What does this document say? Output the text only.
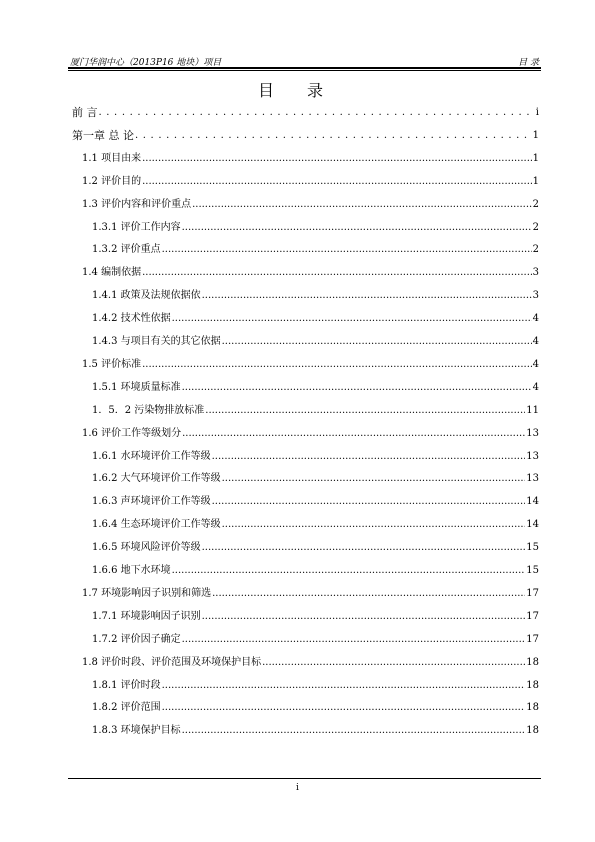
厦门华润中心（2013P16 地块）项目	目 录
目 录
前 言 .....	i
第一章 总 论 .....	1
1.1 项目由来 .....	1
1.2 评价目的 .....	1
1.3 评价内容和评价重点 .....	2
1.3.1 评价工作内容 .....	2
1.3.2 评价重点 .....	2
1.4 编制依据 .....	3
1.4.1 政策及法规依据依 .....	3
1.4.2 技术性依据 .....	4
1.4.3 与项目有关的其它依据 .....	4
1.5 评价标准 .....	4
1.5.1 环境质量标准 .....	4
1．5．2 污染物排放标准 .....	11
1.6 评价工作等级划分 .....	13
1.6.1 水环境评价工作等级 .....	13
1.6.2 大气环境评价工作等级 .....	13
1.6.3 声环境评价工作等级 .....	14
1.6.4 生态环境评价工作等级 .....	14
1.6.5 环境风险评价等级 .....	15
1.6.6 地下水环境 .....	15
1.7 环境影响因子识别和筛选 .....	17
1.7.1 环境影响因子识别 .....	17
1.7.2 评价因子确定 .....	17
1.8 评价时段、评价范围及环境保护目标 .....	18
1.8.1 评价时段 .....	18
1.8.2 评价范围 .....	18
1.8.3 环境保护目标 .....	18
i
